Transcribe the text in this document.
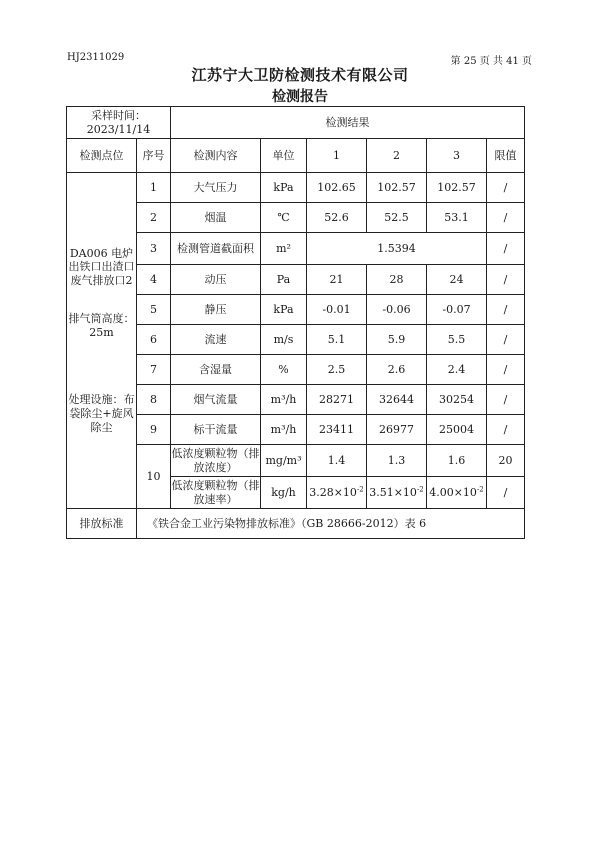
HJ2311029	第 25 页 共 41 页
江苏宁大卫防检测技术有限公司
检测报告
采样时间：
2023/11/14		检测结果					
检测点位	序号	检测内容	单位	1	2	3	限值

DA006 电炉出铁口出渣口废气排放口2
排气筒高度：25m
处理设施：布袋除尘+旋风除尘	1	大气压力	kPa	102.65	102.57	102.57	/
	2	烟温	℃	52.6	52.5	53.1	/
	3	检测管道截面积	m²	1.5394			/
	4	动压	Pa	21	28	24	/
	5	静压	kPa	-0.01	-0.06	-0.07	/
	6	流速	m/s	5.1	5.9	5.5	/
	7	含湿量	%	2.5	2.6	2.4	/
	8	烟气流量	m³/h	28271	32644	30254	/
	9	标干流量	m³/h	23411	26977	25004	/
	10	低浓度颗粒物（排放浓度）	mg/m³	1.4	1.3	1.6	20
		低浓度颗粒物（排放速率）	kg/h	$3.28\times 10^{-2}$	$3.51\times 10^{-2}$	$4.00\times 10^{-2}$	/
排放标准	《铁合金工业污染物排放标准》（GB 28666-2012）表 6						
